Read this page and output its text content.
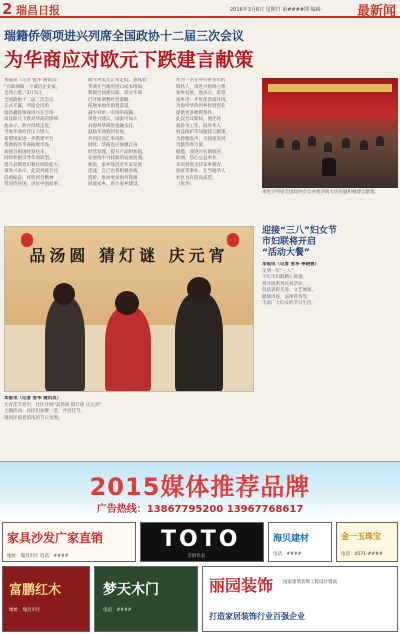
2 瑞昌日报	2016年3月6日 星期日 第####期 编辑： 最新闻
瑞籍侨领项进兴列席全国政协十二届三次会议
为华商应对欧元下跌建言献策
本报讯（记者 张华 通讯员）
“在欧洲做一个诚信企业家，
是我心愿。”3月5日，
全国政协十二届三次会议
正式开幕，列席会议的
瑞昌籍侨领项进兴在会场
谈及欧元下跌对华商的影响
他表示，欧元持续走低，
当地华商经营压力增大，
希望国家进一步搭建平台
帮助海外华商拓展市场，
加强与祖国经贸往来，
同时积极引导华商转型，
提升品牌意识和抗风险能力。
项进兴表示，此次列席会议
倍感振奋，将把两会精神
带回侨居国，讲好中国故事。
欧元对美元汇率走低，意味着
华商在当地的进口成本增加，
利润空间被压缩。部分华商
已开始调整经营策略，
拓展本地化销售渠道，
减少对单一市场的依赖。
项进兴建议，国家可加大
对海外华商的金融支持，
鼓励华商抱团发展，
共同应对汇率风险。
同时，华商也应加强自身
经营管理，提升产品附加值，
在逆境中寻找新的发展机遇。
他说，家乡瑞昌近年来发展
迅速，自己也将积极牵线
搭桥，推动更多海外资源
回流家乡，助力家乡建设。
作为一名在外打拼多年的
瑞昌人，项进兴始终心系
家乡发展。他表示，希望
家乡进一步优化营商环境，
为海外华侨回乡投资创业
提供更多便利条件。
此次会议期间，他还将
就侨务工作、海外华人
权益保护等问题建言献策，
为侨胞发声，为国家发展
贡献侨界力量。
据悉，项进兴长期旅居
欧洲，热心公益事业，
多次捐资支持家乡教育、
扶贫等事业，在当地华人
社区具有较高威望。
（张华）
项进兴列席全国政协会议并就华商关切问题积极建言献策。
品汤圆 猜灯谜 庆元宵
本报讯（记者 张华 通讯员）
元宵佳节将至，社区开展“品汤圆 猜灯谜 庆元宵”
主题活动，居民们欢聚一堂，共度佳节，
现场洋溢着浓浓的节日氛围。
迎接“三八”妇女节
市妇联将开启
“活动大餐”
本报讯（记者 张华 李晓蓉）
又到一年“三八”，
今年市妇联精心筹备，
将开展系列庆祝活动，
包括表彰先进、文艺展演、
健康讲座、法律咨询等，
丰富广大妇女的节日生活。
2015媒体推荐品牌
广告热线：13867795200 13967768617
家具沙发广家直销
地址：瑞昌市区 电话：####
TOTO
卫浴专卖
海贝建材
电话：####
金一玉珠宝
电话：0571-####
富鹏红木
地址：瑞昌市区
梦天木门
电话：####
丽园装饰 国家建筑装饰工程设计资质
打造家居装饰行业百强企业
